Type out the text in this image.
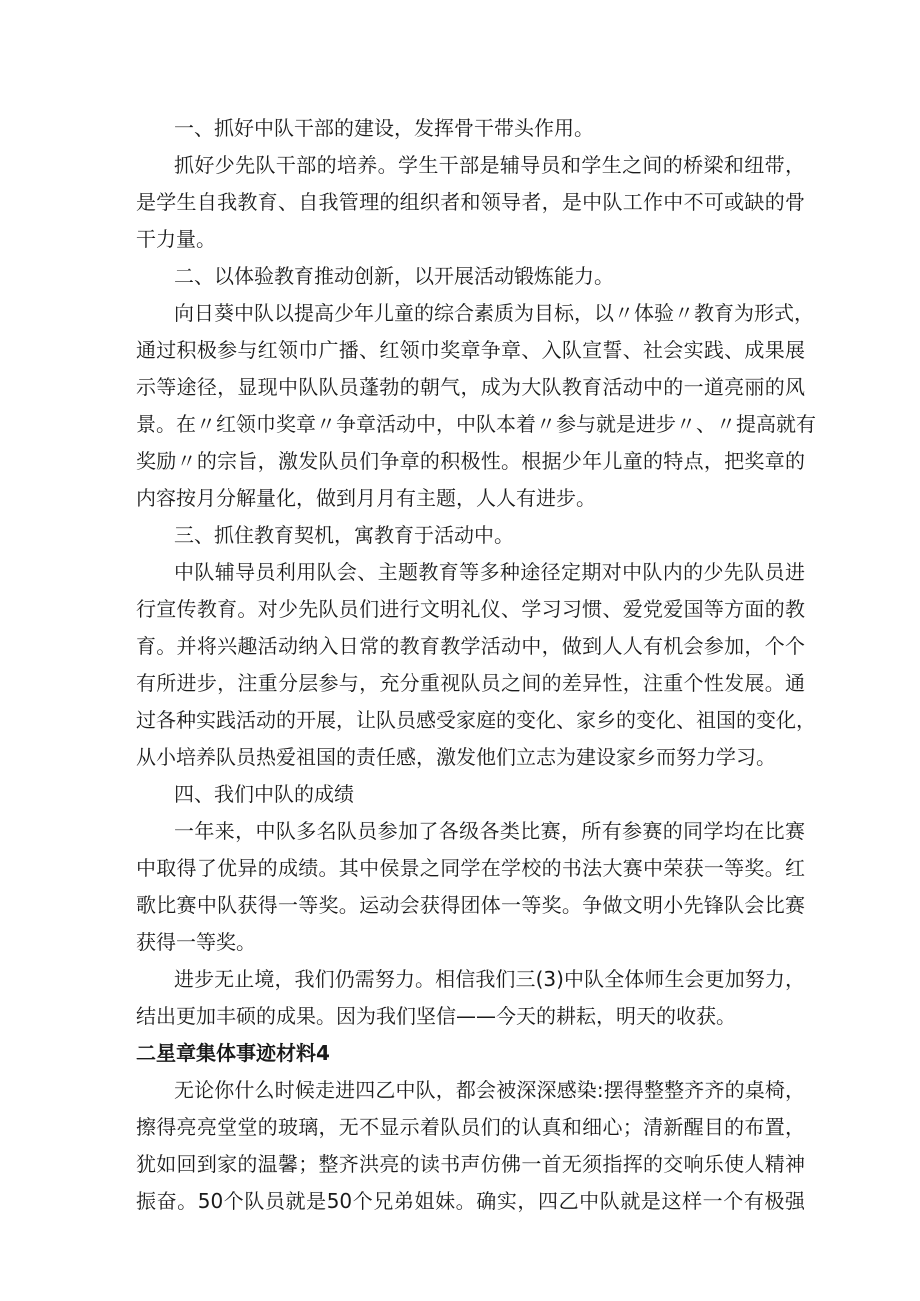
一、抓好中队干部的建设，发挥骨干带头作用。
抓好少先队干部的培养。学生干部是辅导员和学生之间的桥梁和纽带，
是学生自我教育、自我管理的组织者和领导者，是中队工作中不可或缺的骨
干力量。
二、以体验教育推动创新，以开展活动锻炼能力。
向日葵中队以提高少年儿童的综合素质为目标，以〃体验〃教育为形式，
通过积极参与红领巾广播、红领巾奖章争章、入队宣誓、社会实践、成果展
示等途径，显现中队队员蓬勃的朝气，成为大队教育活动中的一道亮丽的风
景。在〃红领巾奖章〃争章活动中，中队本着〃参与就是进步〃、〃提高就有
奖励〃的宗旨，激发队员们争章的积极性。根据少年儿童的特点，把奖章的
内容按月分解量化，做到月月有主题，人人有进步。
三、抓住教育契机，寓教育于活动中。
中队辅导员利用队会、主题教育等多种途径定期对中队内的少先队员进
行宣传教育。对少先队员们进行文明礼仪、学习习惯、爱党爱国等方面的教
育。并将兴趣活动纳入日常的教育教学活动中，做到人人有机会参加，个个
有所进步，注重分层参与，充分重视队员之间的差异性，注重个性发展。通
过各种实践活动的开展，让队员感受家庭的变化、家乡的变化、祖国的变化，
从小培养队员热爱祖国的责任感，激发他们立志为建设家乡而努力学习。
四、我们中队的成绩
一年来，中队多名队员参加了各级各类比赛，所有参赛的同学均在比赛
中取得了优异的成绩。其中侯景之同学在学校的书法大赛中荣获一等奖。红
歌比赛中队获得一等奖。运动会获得团体一等奖。争做文明小先锋队会比赛
获得一等奖。
进步无止境，我们仍需努力。相信我们三(3)中队全体师生会更加努力，
结出更加丰硕的成果。因为我们坚信——今天的耕耘，明天的收获。
二星章集体事迹材料4
无论你什么时候走进四乙中队，都会被深深感染:摆得整整齐齐的桌椅，
擦得亮亮堂堂的玻璃，无不显示着队员们的认真和细心；清新醒目的布置，
犹如回到家的温馨；整齐洪亮的读书声仿佛一首无须指挥的交响乐使人精神
振奋。50个队员就是50个兄弟姐妹。确实，四乙中队就是这样一个有极强
